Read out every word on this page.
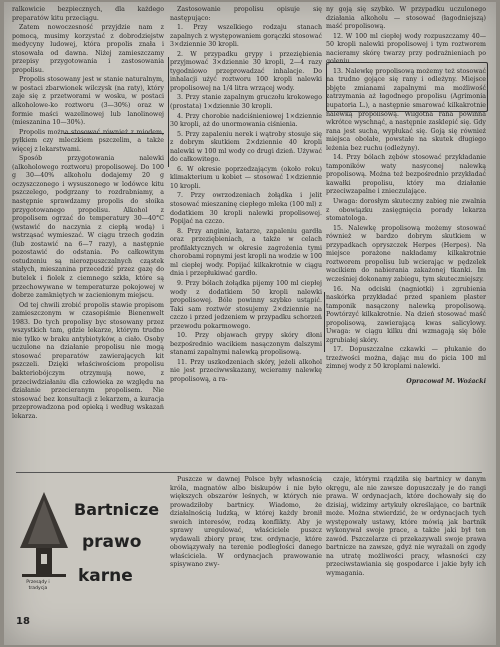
ralkowicie bezpiecznych, dla każdego preparatów kitu przeciągu.

Zatem nowoczesność przyjdzie nam z pomocą, musimy korzystać z dobrodziejstw medycyny ludowej, która propolis znała i stosowała od dawna. Niżej zamieszczamy przepisy przygotowania i zastosowania propolisu.

Propolis stosowany jest w stanie naturalnym, w postaci zbarwionek wilczysk (na raty), który zaje się z przetworami w wosku, w postaci alkoholowe-ko roztworu (3—30%) oraz w formie maści wazelinowej lub lanolinowej (mieszanina 10—30%).

Propolis można stosować również z miodem, pyłkiem czy mleczkiem pszczelim, a także więcej z lekarstwami.

Sposób przygotowania nalewki (alkoholowego roztworu) propolisowej. Do 100 g 30—40% alkoholu dodajemy 20 g oczyszczonego i wysuszonego w lodówce kitu pszczelego, podgrzany to rozdrabniamy, a następnie sprawdzamy propolis do słoika przygotowanego propolisu. Alkohol z propolisem ogrzać do temperatury 30—40°C (wstawić do naczynia z ciepłą wodą) i wstrząsać wymieszać. W ciągu trzech godzin (lub zostawić na 6—7 razy), a następnie pozostawić do odstania. Po całkowitym ostudzeniu są nierozpuszczalnych cząstek stałych, mieszanina przecedzić przez gazę do butelek i fiolek z ciemnego szkła, które są przechowywane w temperaturze pokojowej w dobrze zamkniętych w zacienionym miejscu.

Od tej chwili zrobić propolis stawie propisom zamieszczonym w czasopiśmie Bienenwelt 1983. Do tych propolisy byc stosowany przez wszystkich tam, gdzie lekarze, którym trudno nie tylko w braku antybiotyków, a ciało. Osoby uczulone na działanie propolisu nie mogą stosować preparatów zawierających kit pszczeli. Dzięki właściwościom propolisu bakteriobójczym otrzymują nowe, z przeciwdziałaniu dla człowieka ze względu na działanie przecieranym propolisem. Nie stosować bez konsultacji z lekarzem, a kuracja przeprowadzona pod opieką i według wskazań lekarza.

Zastosowanie propolisu opisuje się następująco:

1. Przy wszelkiego rodzaju stanach zapalnych z występowaniem gorączki stosować 3×dziennie 30 kropli.

2. W przypadku grypy i przeziębienia przyjmować 3×dziennie 30 kropli, 2—4 razy tygodniowo przeprowadzać inhalacje. Do inhalacji użyć roztworu 100 kropli nalewki propolisowej na 1/4 litra wrzącej wody.

3. Przy stanie zapalnym gruczołu krokowego (prostata) 1×dziennie 30 kropli.

4. Przy chorobie nadciśnieniowej 1×dziennie 30 kropli, aż do unormowania ciśnienia.

5. Przy zapaleniu nerek i wątroby stosuje się z dobrym skutkiem 2×dziennie 40 kropli nalewki w 100 ml wody co drugi dzień. Używać do całkowitego.

6. W okresie poprzedzającym (około roku) klimakterium u kobiet — stosować 1×dziennie 10 kropli.

7. Przy owrzodzeniach żołądka i jelit stosować mieszaninę ciepłego mleka (100 ml) z dodatkiem 30 kropli nalewki propolisowej. Popijać na czczo.

8. Przy anginie, katarze, zapaleniu gardła oraz przeziębieniach, a także w celach profilaktycznych w okresie zagrożenia tymi chorobami ropnymi jest kropli na wodzie w 100 ml ciepłej wody. Popijać kilkakrotnie w ciągu dnia i przepłukiwać gardło.

9. Przy bólach żołądka pijemy 100 ml ciepłej wody z dodatkiem 50 kropli nalewki propolisowej. Bóle powinny szybko ustąpić. Taki sam roztwór stosujemy 2×dziennie na czczo i przed jedzeniem w przypadku schorzeń przewodu pokarmowego.

10. Przy objawach grypy skóry dłoni bezpośrednio wacikiem nasączonym dalszymi stanami zapalnymi nalewką propolisową.

11. Przy uszkodzeniach skóry, jeżeli alkohol nie jest przeciwwskazany, wcieramy nalewkę propolisową, a ra-

ny goją się szybko. W przypadku uczulonego działania alkoholu — stosować (łagodniejszą) maść propolisową.

12. W 100 ml ciepłej wody rozpuszczamy 40—50 kropli nalewki propolisowej i tym roztworem nacieramy skórę twarzy przy podrażnieniach po goleniu.

13. Nalewkę propolisową możemy też stosować na trudno gojące się rany i odleżyny. Miejsce objęte zmianami zapalnymi ma możliwość zatrzymania aż łagodnego propolisu (Agrimonia eupatoria L.), a następnie smarować kilkakrotnie nalewką propolisową. Wilgotna rana powinna wkrótce wyschnąć, a następnie zasklepić się. Gdy rana jest sucha, wypłukać się. Goją się również miejsca obolałe, powstałe na skutek długiego leżenia bez ruchu (odleżyny).

14. Przy bólach zębów stosować przykładanie tamponików waty nasyconej nalewką propolisową. Można też bezpośrednio przykładać kawałki propolisu, który ma działanie przeciwzapalne i znieczulające.

Uwaga: dorosłym skuteczny zabieg nie zwalnia z obowiązku zasięgnięcia porady lekarza stomatologa.

15. Nalewkę propolisową możemy stosować również w bardzo dobrym skutkiem w przypadkach opryszczek Herpes (Herpes). Na miejsce porażone nakładamy kilkakrotnie roztworem propolisu lub wcierając w pędzelek wacikiem do nabierania zakażonej tkanki. Im wcześniej dokonamy zabiegu, tym skuteczniejszy.

16. Na odciski (nagniotki) i zgrubienia naskórka przykładać przed spaniem plaster tamponik nasączony nalewką propolisową. Powtórzyć kilkakrotnie. Na dzień stosować maść propolisową, zawierającą kwas salicylowy. Uwaga: w ciągu kilku dni wzmagają się bóle zgrubiałej skóry.

17. Dopuszczalne czkawki — płukanie do trzeźwości można, dając mu do picia 100 ml zimnej wody z 50 kroplami nalewki.

Opracował M. Woźacki

Bartnicze
prawo
karne
Przesądy i tradycja

Puszcze w dawnej Polsce były własnością króla, magnatów albo biskupów i nie było większych obszarów leśnych, w których nie prowadziłoby bartnicy. Wiadomo, że działalnością ludzką, w której każdy bronił swoich interesów, rodzą konflikty. Aby je sprawy uregulować, właściciele puszcz wydawali zbiory praw, tzw. ordynacje, które obowiązywały na terenie podległości danego właściciela. W ordynacjach prawowanie spisywano zwy-

czaje, którymi rządziła się bartnicy w danym okręgu, ale nie zawsze dopuszczały je do rangi prawa. W ordynacjach, które dochowały się do dzisiaj, widzimy artykuły określające, co bartnik może. Można stwierdzić, że w ordynacjach tych występowały ustawy, które mówią jak bartnik wykonywał swoje prace, a także jaki był ten zawód. Pszczelarze ci przekazywali swoje prawa bartnicze na zawsze, gdyż nie wyrażali on zgody na utratę możliwości pracy, własności czy przeciwstawiania się gospodarce i jakie były ich wymagania.

18
